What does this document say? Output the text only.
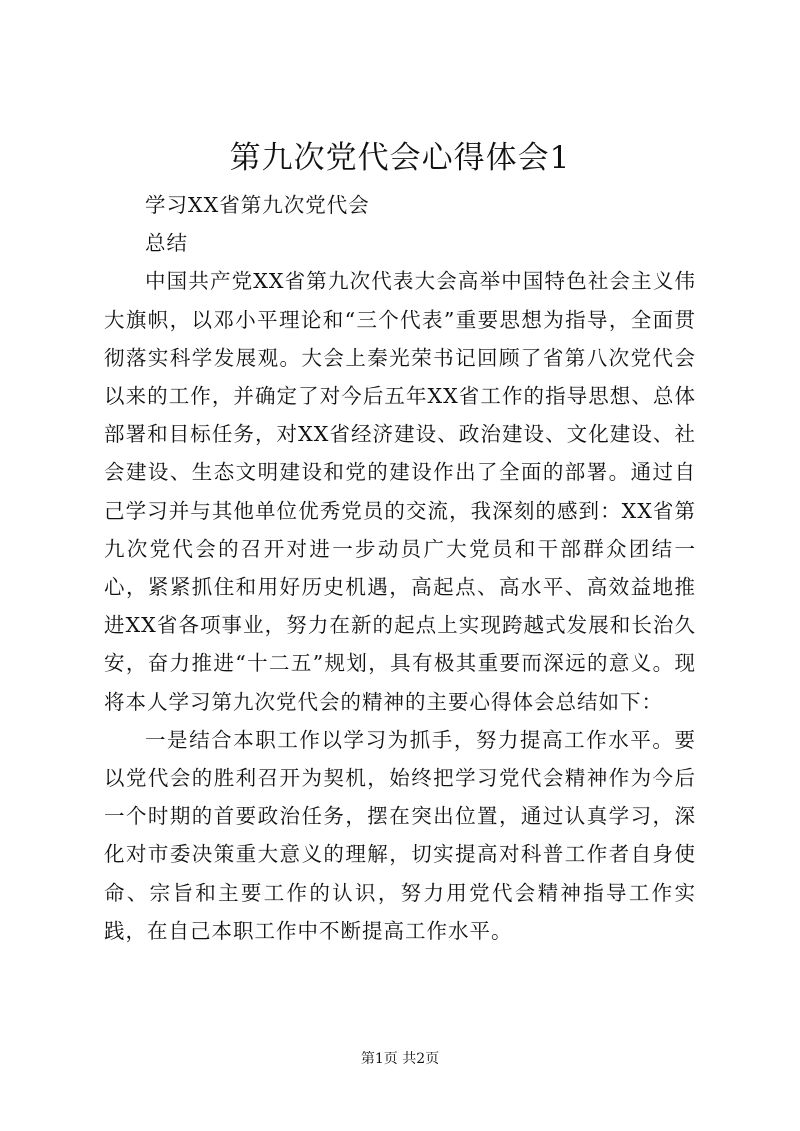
第九次党代会心得体会1

学习XX省第九次党代会

总结

中国共产党XX省第九次代表大会高举中国特色社会主义伟大旗帜，以邓小平理论和“三个代表”重要思想为指导，全面贯彻落实科学发展观。大会上秦光荣书记回顾了省第八次党代会以来的工作，并确定了对今后五年XX省工作的指导思想、总体部署和目标任务，对XX省经济建设、政治建设、文化建设、社会建设、生态文明建设和党的建设作出了全面的部署。通过自己学习并与其他单位优秀党员的交流，我深刻的感到：XX省第九次党代会的召开对进一步动员广大党员和干部群众团结一心，紧紧抓住和用好历史机遇，高起点、高水平、高效益地推进XX省各项事业，努力在新的起点上实现跨越式发展和长治久安，奋力推进“十二五”规划，具有极其重要而深远的意义。现将本人学习第九次党代会的精神的主要心得体会总结如下：

一是结合本职工作以学习为抓手，努力提高工作水平。要以党代会的胜利召开为契机，始终把学习党代会精神作为今后一个时期的首要政治任务，摆在突出位置，通过认真学习，深化对市委决策重大意义的理解，切实提高对科普工作者自身使命、宗旨和主要工作的认识，努力用党代会精神指导工作实践，在自己本职工作中不断提高工作水平。

第1页 共2页
